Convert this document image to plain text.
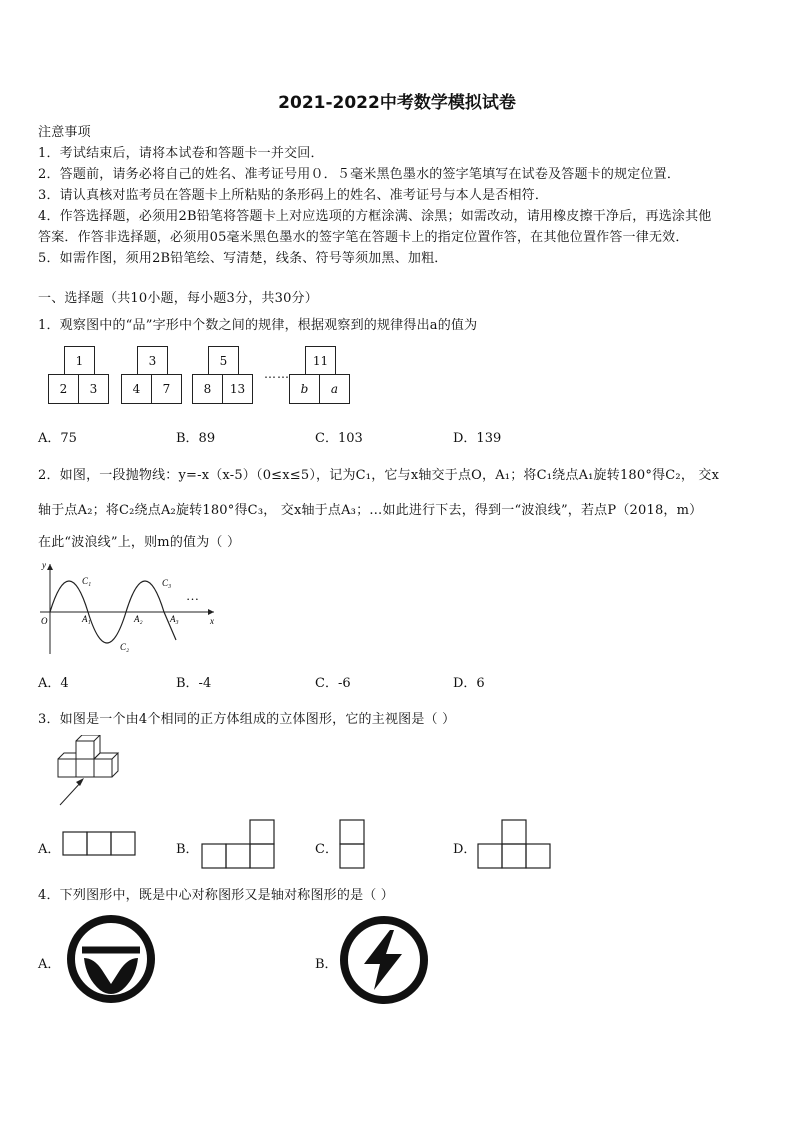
2021-2022中考数学模拟试卷
注意事项
1．考试结束后，请将本试卷和答题卡一并交回．
2．答题前，请务必将自己的姓名、准考证号用０．５毫米黑色墨水的签字笔填写在试卷及答题卡的规定位置．
3．请认真核对监考员在答题卡上所粘贴的条形码上的姓名、准考证号与本人是否相符．
4．作答选择题，必须用2B铅笔将答题卡上对应选项的方框涂满、涂黑；如需改动，请用橡皮擦干净后，再选涂其他
答案．作答非选择题，必须用05毫米黑色墨水的签字笔在答题卡上的指定位置作答，在其他位置作答一律无效．
5．如需作图，须用2B铅笔绘、写清楚，线条、符号等须加黑、加粗．
一、选择题（共10小题，每小题3分，共30分）
1．观察图中的“品”字形中个数之间的规律，根据观察到的规律得出a的值为
1
2	3
3
4	7
5
8	13
……
11
b	a
A．75	B．89	C．103	D．139
2．如图，一段抛物线：y=-x（x-5）（0≤x≤5），记为C₁，它与x轴交于点O，A₁；将C₁绕点A₁旋转180°得C₂， 交x
轴于点A₂；将C₂绕点A₂旋转180°得C₃， 交x轴于点A₃；…如此进行下去，得到一“波浪线”，若点P（2018，m）
在此“波浪线”上，则m的值为（ ）
y
x
O
C₁
C₂
C₃
A₁	A₂	A₃
…
A．4	B．-4	C．-6	D．6
3．如图是一个由4个相同的正方体组成的立体图形，它的主视图是（ ）
A．	B．	C．	D．
4．下列图形中，既是中心对称图形又是轴对称图形的是（ ）
A．	B．
